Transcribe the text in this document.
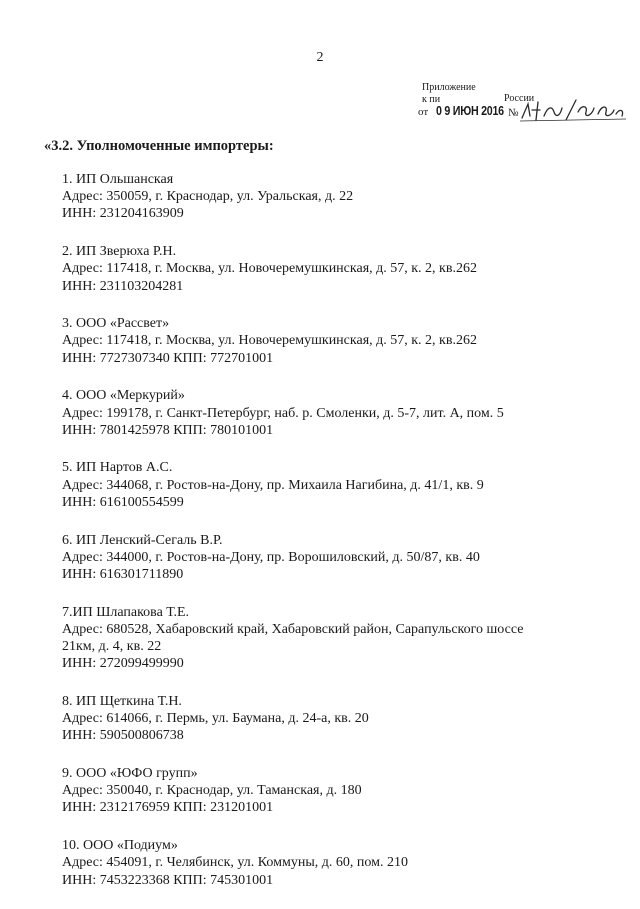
2
Приложение
к пи	России
от 0 9 ИЮН 2016 №
«3.2. Уполномоченные импортеры:
1. ИП Ольшанская
Адрес: 350059, г. Краснодар, ул. Уральская, д. 22
ИНН: 231204163909
2. ИП Зверюха Р.Н.
Адрес: 117418, г. Москва, ул. Новочеремушкинская, д. 57, к. 2, кв.262
ИНН: 231103204281
3. ООО «Рассвет»
Адрес: 117418, г. Москва, ул. Новочеремушкинская, д. 57, к. 2, кв.262
ИНН: 7727307340 КПП: 772701001
4. ООО «Меркурий»
Адрес: 199178, г. Санкт-Петербург, наб. р. Смоленки, д. 5-7, лит. А, пом. 5
ИНН: 7801425978 КПП: 780101001
5. ИП Нартов А.С.
Адрес: 344068, г. Ростов-на-Дону, пр. Михаила Нагибина, д. 41/1, кв. 9
ИНН: 616100554599
6. ИП Ленский-Сегаль В.Р.
Адрес: 344000, г. Ростов-на-Дону, пр. Ворошиловский, д. 50/87, кв. 40
ИНН: 616301711890
7.ИП Шлапакова Т.Е.
Адрес: 680528, Хабаровский край, Хабаровский район, Сарапульского шоссе
21км, д. 4, кв. 22
ИНН: 272099499990
8. ИП Щеткина Т.Н.
Адрес: 614066, г. Пермь, ул. Баумана, д. 24-а, кв. 20
ИНН: 590500806738
9. ООО «ЮФО групп»
Адрес: 350040, г. Краснодар, ул. Таманская, д. 180
ИНН: 2312176959 КПП: 231201001
10. ООО «Подиум»
Адрес: 454091, г. Челябинск, ул. Коммуны, д. 60, пом. 210
ИНН: 7453223368 КПП: 745301001
